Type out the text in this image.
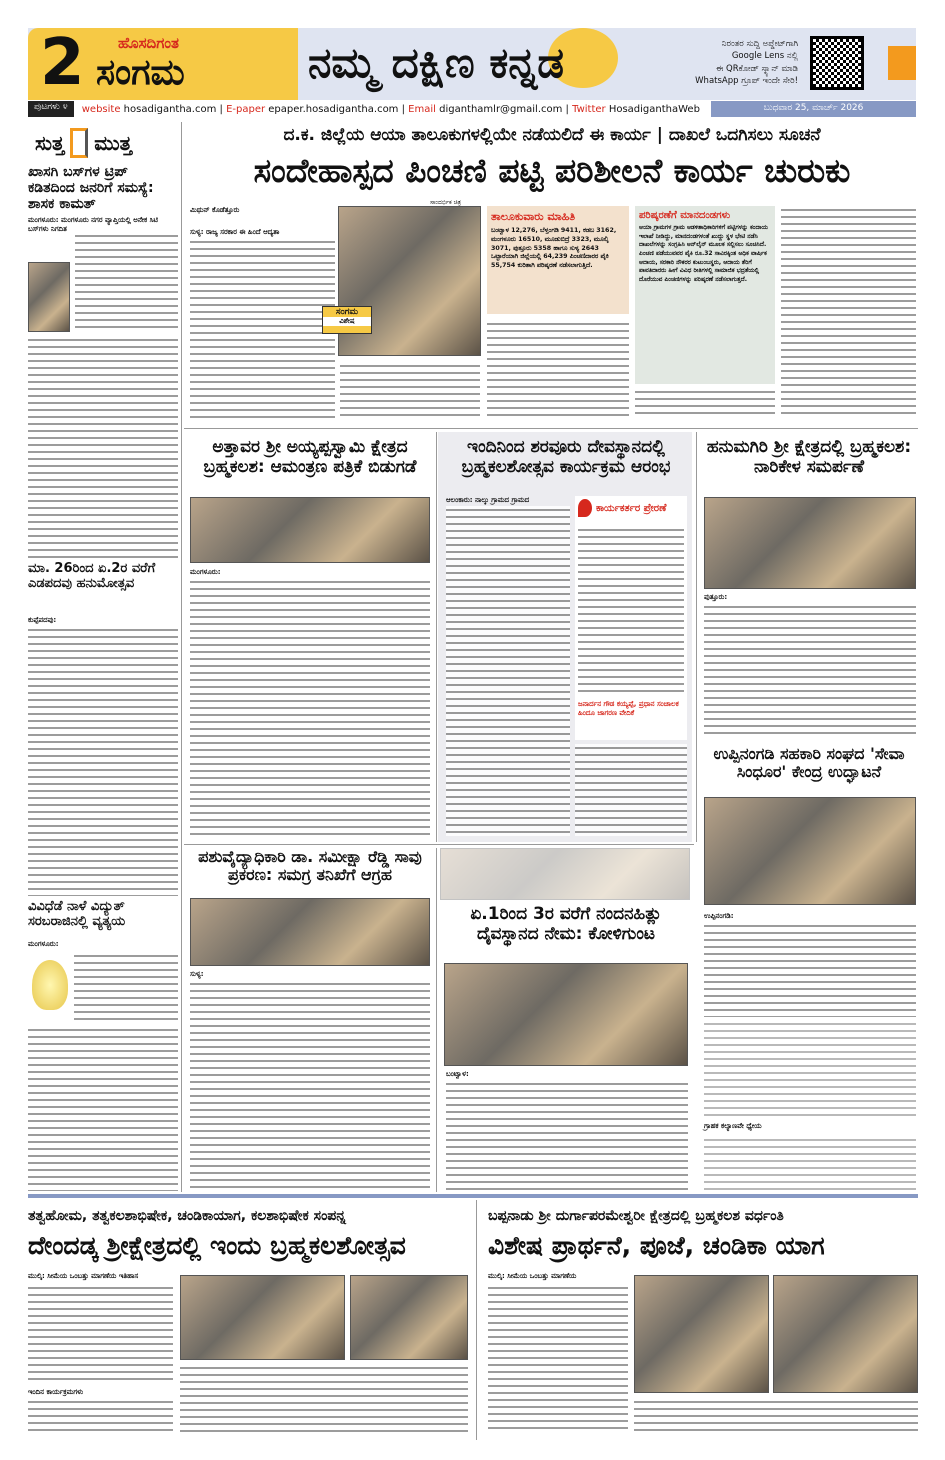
2 ಹೊಸದಿಗಂತ
ಸಂಗಮ	ನಮ್ಮ ದಕ್ಷಿಣ ಕನ್ನಡ	ನಿರಂತರ ಸುದ್ದಿ ಅಪ್ಡೇಟ್‌ಗಾಗಿ
Google Lens ನಲ್ಲಿ
ಈ QRಕೋಡ್ ಸ್ಕ್ಯಾನ್ ಮಾಡಿ
WhatsApp ಗ್ರೂಪ್ ಇಂದೇ ಸೇರಿ!
ಪುಟಗಳು ೪	website
hosadigantha.com | E-paper
epaper.hosadigantha.com | Email
diganthamlr@gmail.com | Twitter
HosadiganthaWeb	ಬುಧವಾರ 25, ಮಾರ್ಚ್ 2026
ಸುತ್ತ ಮುತ್ತ
ಖಾಸಗಿ ಬಸ್‌ಗಳ ಟ್ರಿಪ್ ಕಡಿತದಿಂದ ಜನರಿಗೆ ಸಮಸ್ಯೆ: ಶಾಸಕ ಕಾಮತ್
ಮಂಗಳೂರು: ಮಂಗಳೂರು ನಗರ ವ್ಯಾಪ್ತಿಯಲ್ಲಿ ಅನೇಕ ಸಿಟಿ ಬಸ್‌ಗಳು ನಿಗದಿತ
ಮಾ. 26ರಿಂದ ಏ.2ರ ವರೆಗೆ ಎಡಪದವು ಹನುಮೋತ್ಸವ
ಕುಪ್ಪೆಪದವು:
ವಿವಿಧೆಡೆ ನಾಳೆ ವಿದ್ಯುತ್ ಸರಬರಾಜಿನಲ್ಲಿ ವ್ಯತ್ಯಯ
ಮಂಗಳೂರು:
ದ.ಕ. ಜಿಲ್ಲೆಯ ಆಯಾ ತಾಲೂಕುಗಳಲ್ಲಿಯೇ ನಡೆಯಲಿದೆ ಈ ಕಾರ್ಯ | ದಾಖಲೆ ಒದಗಿಸಲು ಸೂಚನೆ
ಸಂದೇಹಾಸ್ಪದ ಪಿಂಚಣಿ ಪಟ್ಟಿ ಪರಿಶೀಲನೆ ಕಾರ್ಯ ಚುರುಕು
ಮಿಥುನ್ ಕೊಡೆತ್ತೂರು
ಸುಳ್ಯ: ರಾಜ್ಯ ಸರಕಾರ ಈ ಹಿಂದೆ ಆದ್ಯತಾ
ಸಾಂದರ್ಭಿಕ ಚಿತ್ರ
ಸಂಗಮ
ವಿಶೇಷ
ತಾಲೂಕುವಾರು ಮಾಹಿತಿ
ಬಂಟ್ವಾಳ 12,276, ಬೆಳ್ತಂಗಡಿ 9411, ಕಡಬ 3162, ಮಂಗಳೂರು 16510, ಮೂಡುಬಿದ್ರೆ 3323, ಮೂಲ್ಕಿ 3071, ಪುತ್ತೂರು 5358 ಹಾಗೂ ಸುಳ್ಯ 2643 ಒಟ್ಟಾರೆಯಾಗಿ ಜಿಲ್ಲೆಯಲ್ಲಿ 64,239 ಪಿಂಚಣಿದಾರರ ಪೈಕಿ 55,754 ಕುರಿತಾಗಿ ಪರಿಷ್ಕರಣೆ ನಡೆಸಲಾಗುತ್ತಿದೆ.
ಪರಿಷ್ಕರಣೆಗೆ ಮಾನದಂಡಗಳು
ಆಯಾ ಗ್ರಾಮಗಳ ಗ್ರಾಮ ಆಡಳಿತಾಧಿಕಾರಿಗಳಿಗೆ ಪಟ್ಟಿಗಳನ್ನು ಕಂದಾಯ ಇಲಾಖೆ ನೀಡಿದ್ದು, ಮಾನದಂಡಗಳಂತೆ ಖುದ್ದು ಸ್ಥಳ ಭೇಟಿ ನಡೆಸಿ ದಾಖಲೆಗಳನ್ನು ಸಂಗ್ರಹಿಸಿ ಆನ್‌ಲೈನ್ ಮೂಲಕ ಸಲ್ಲಿಸಲು ಸೂಚಿಸಿದೆ. ಪಿಂಚಣಿ ಪಡೆಯುವವರ ಪೈಕಿ ರೂ.32 ಸಾವಿರಕ್ಕಿಂತ ಅಧಿಕ ವಾರ್ಷಿಕ ಆದಾಯ, ಸರಕಾರಿ ನೌಕರರ ಕುಟುಂಬಸ್ಥರು, ಆದಾಯ ತೆರಿಗೆ ಪಾವತಿದಾರರು ಹೀಗೆ ವಿವಿಧ ರೀತಿಗಳಲ್ಲಿ ಸಾಮಾಜಿಕ ಭದ್ರತೆಯಲ್ಲಿ ದೊರೆಯುವ ಪಿಂಚಣಿಗಳನ್ನು ಪರಿಷ್ಕರಣೆ ನಡೆಸಲಾಗುತ್ತದೆ.
ಅತ್ತಾವರ ಶ್ರೀ ಅಯ್ಯಪ್ಪಸ್ವಾಮಿ ಕ್ಷೇತ್ರದ ಬ್ರಹ್ಮಕಲಶ: ಆಮಂತ್ರಣ ಪತ್ರಿಕೆ ಬಿಡುಗಡೆ
ಮಂಗಳೂರು:
ಇಂದಿನಿಂದ ಶರವೂರು ದೇವಸ್ಥಾನದಲ್ಲಿ ಬ್ರಹ್ಮಕಲಶೋತ್ಸವ ಕಾರ್ಯಕ್ರಮ ಆರಂಭ
ಆಲಂಕಾರು: ನಾಲ್ಕು ಗ್ರಾಮದ ಗ್ರಾಮದ
ಕಾರ್ಯಕರ್ತರ ಪ್ರೇರಣೆ
ಜನಾರ್ದನ ಗೌಡ ಕಯ್ಯಪ್ಪೆ, ಪ್ರಧಾನ ಸಂಚಾಲಕ ಹಿಂದೂ ಜಾಗರಣ ವೇದಿಕೆ
ಹನುಮಗಿರಿ ಶ್ರೀ ಕ್ಷೇತ್ರದಲ್ಲಿ ಬ್ರಹ್ಮಕಲಶ: ನಾರಿಕೇಳ ಸಮರ್ಪಣೆ
ಪುತ್ತೂರು:
ಉಪ್ಪಿನಂಗಡಿ ಸಹಕಾರಿ ಸಂಘದ 'ಸೇವಾ ಸಿಂಧೂರ' ಕೇಂದ್ರ ಉದ್ಘಾಟನೆ
ಉಪ್ಪಿನಂಗಡಿ:
ಗ್ರಾಹಕ ಕಲ್ಯಾಣವೇ ಧ್ಯೇಯ
ಪಶುವೈದ್ಯಾಧಿಕಾರಿ ಡಾ. ಸಮೀಕ್ಷಾ ರೆಡ್ಡಿ ಸಾವು ಪ್ರಕರಣ: ಸಮಗ್ರ ತನಿಖೆಗೆ ಆಗ್ರಹ
ಸುಳ್ಯ:
ಏ.1ರಿಂದ 3ರ ವರೆಗೆ ನಂದನಹಿತ್ಲು ದೈವಸ್ಥಾನದ ನೇಮ: ಕೋಳಿಗುಂಟ
ಬಂಟ್ವಾಳ:
ತತ್ವಹೋಮ, ತತ್ವಕಲಶಾಭಿಷೇಕ, ಚಂಡಿಕಾಯಾಗ, ಕಲಶಾಭಿಷೇಕ ಸಂಪನ್ನ
ದೇಂದಡ್ಕ ಶ್ರೀಕ್ಷೇತ್ರದಲ್ಲಿ ಇಂದು ಬ್ರಹ್ಮಕಲಶೋತ್ಸವ
ಮುಲ್ಕಿ: ಸೀಮೆಯ ಒಂಬತ್ತು ಮಾಗಣೆಯ ಇತಿಹಾಸ
ಇಂದಿನ ಕಾರ್ಯಕ್ರಮಗಳು
ಬಪ್ಪನಾಡು ಶ್ರೀ ದುರ್ಗಾಪರಮೇಶ್ವರೀ ಕ್ಷೇತ್ರದಲ್ಲಿ ಬ್ರಹ್ಮಕಲಶ ವರ್ಧಂತಿ
ವಿಶೇಷ ಪ್ರಾರ್ಥನೆ, ಪೂಜೆ, ಚಂಡಿಕಾ ಯಾಗ
ಮುಲ್ಕಿ: ಸೀಮೆಯ ಒಂಬತ್ತು ಮಾಗಣೆಯ
